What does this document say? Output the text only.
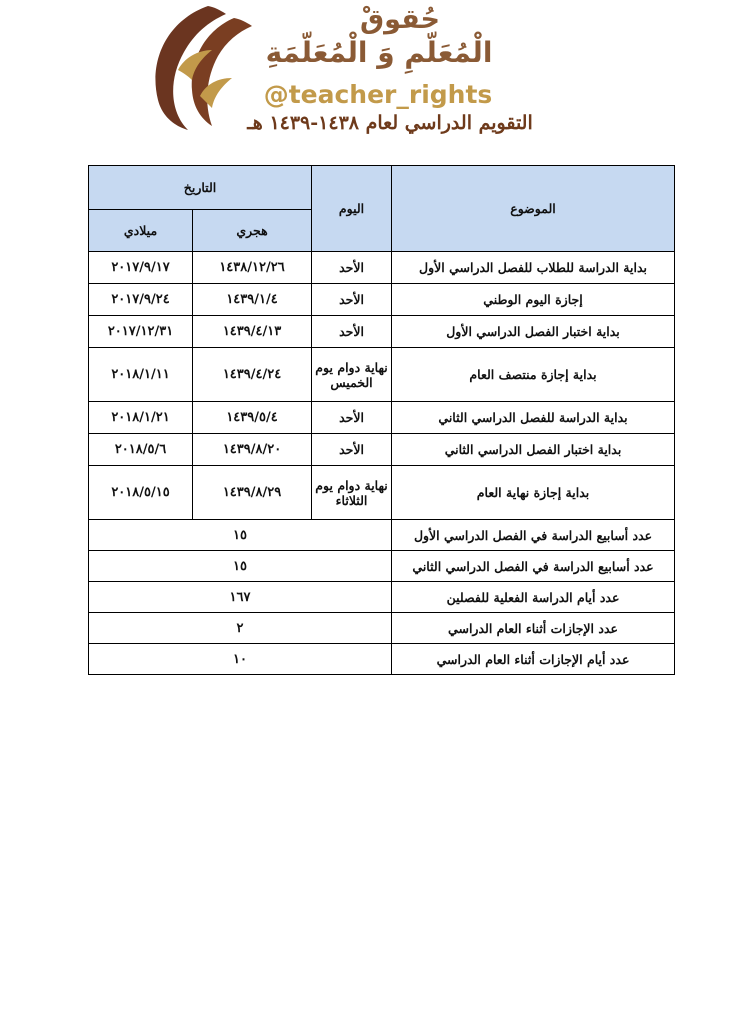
حُقوقْ
الْمُعَلّمِ وَ الْمُعَلّمَةِ
@teacher_rights
التقويم الدراسي لعام ١٤٣٨-١٤٣٩ هـ
الموضوع	اليوم	التاريخ	
		هجري	ميلادي
بداية الدراسة للطلاب للفصل الدراسي الأول	الأحد	١٤٣٨/١٢/٢٦	٢٠١٧/٩/١٧
إجازة اليوم الوطني	الأحد	١٤٣٩/١/٤	٢٠١٧/٩/٢٤
بداية اختبار الفصل الدراسي الأول	الأحد	١٤٣٩/٤/١٣	٢٠١٧/١٢/٣١
بداية إجازة منتصف العام	نهاية دوام يوم الخميس	١٤٣٩/٤/٢٤	٢٠١٨/١/١١
بداية الدراسة للفصل الدراسي الثاني	الأحد	١٤٣٩/٥/٤	٢٠١٨/١/٢١
بداية اختبار الفصل الدراسي الثاني	الأحد	١٤٣٩/٨/٢٠	٢٠١٨/٥/٦
بداية إجازة نهاية العام	نهاية دوام يوم الثلاثاء	١٤٣٩/٨/٢٩	٢٠١٨/٥/١٥
عدد أسابيع الدراسة في الفصل الدراسي الأول	١٥		
عدد أسابيع الدراسة في الفصل الدراسي الثاني	١٥		
عدد أيام الدراسة الفعلية للفصلين	١٦٧		
عدد الإجازات أثناء العام الدراسي	٢		
عدد أيام الإجازات أثناء العام الدراسي	١٠		
